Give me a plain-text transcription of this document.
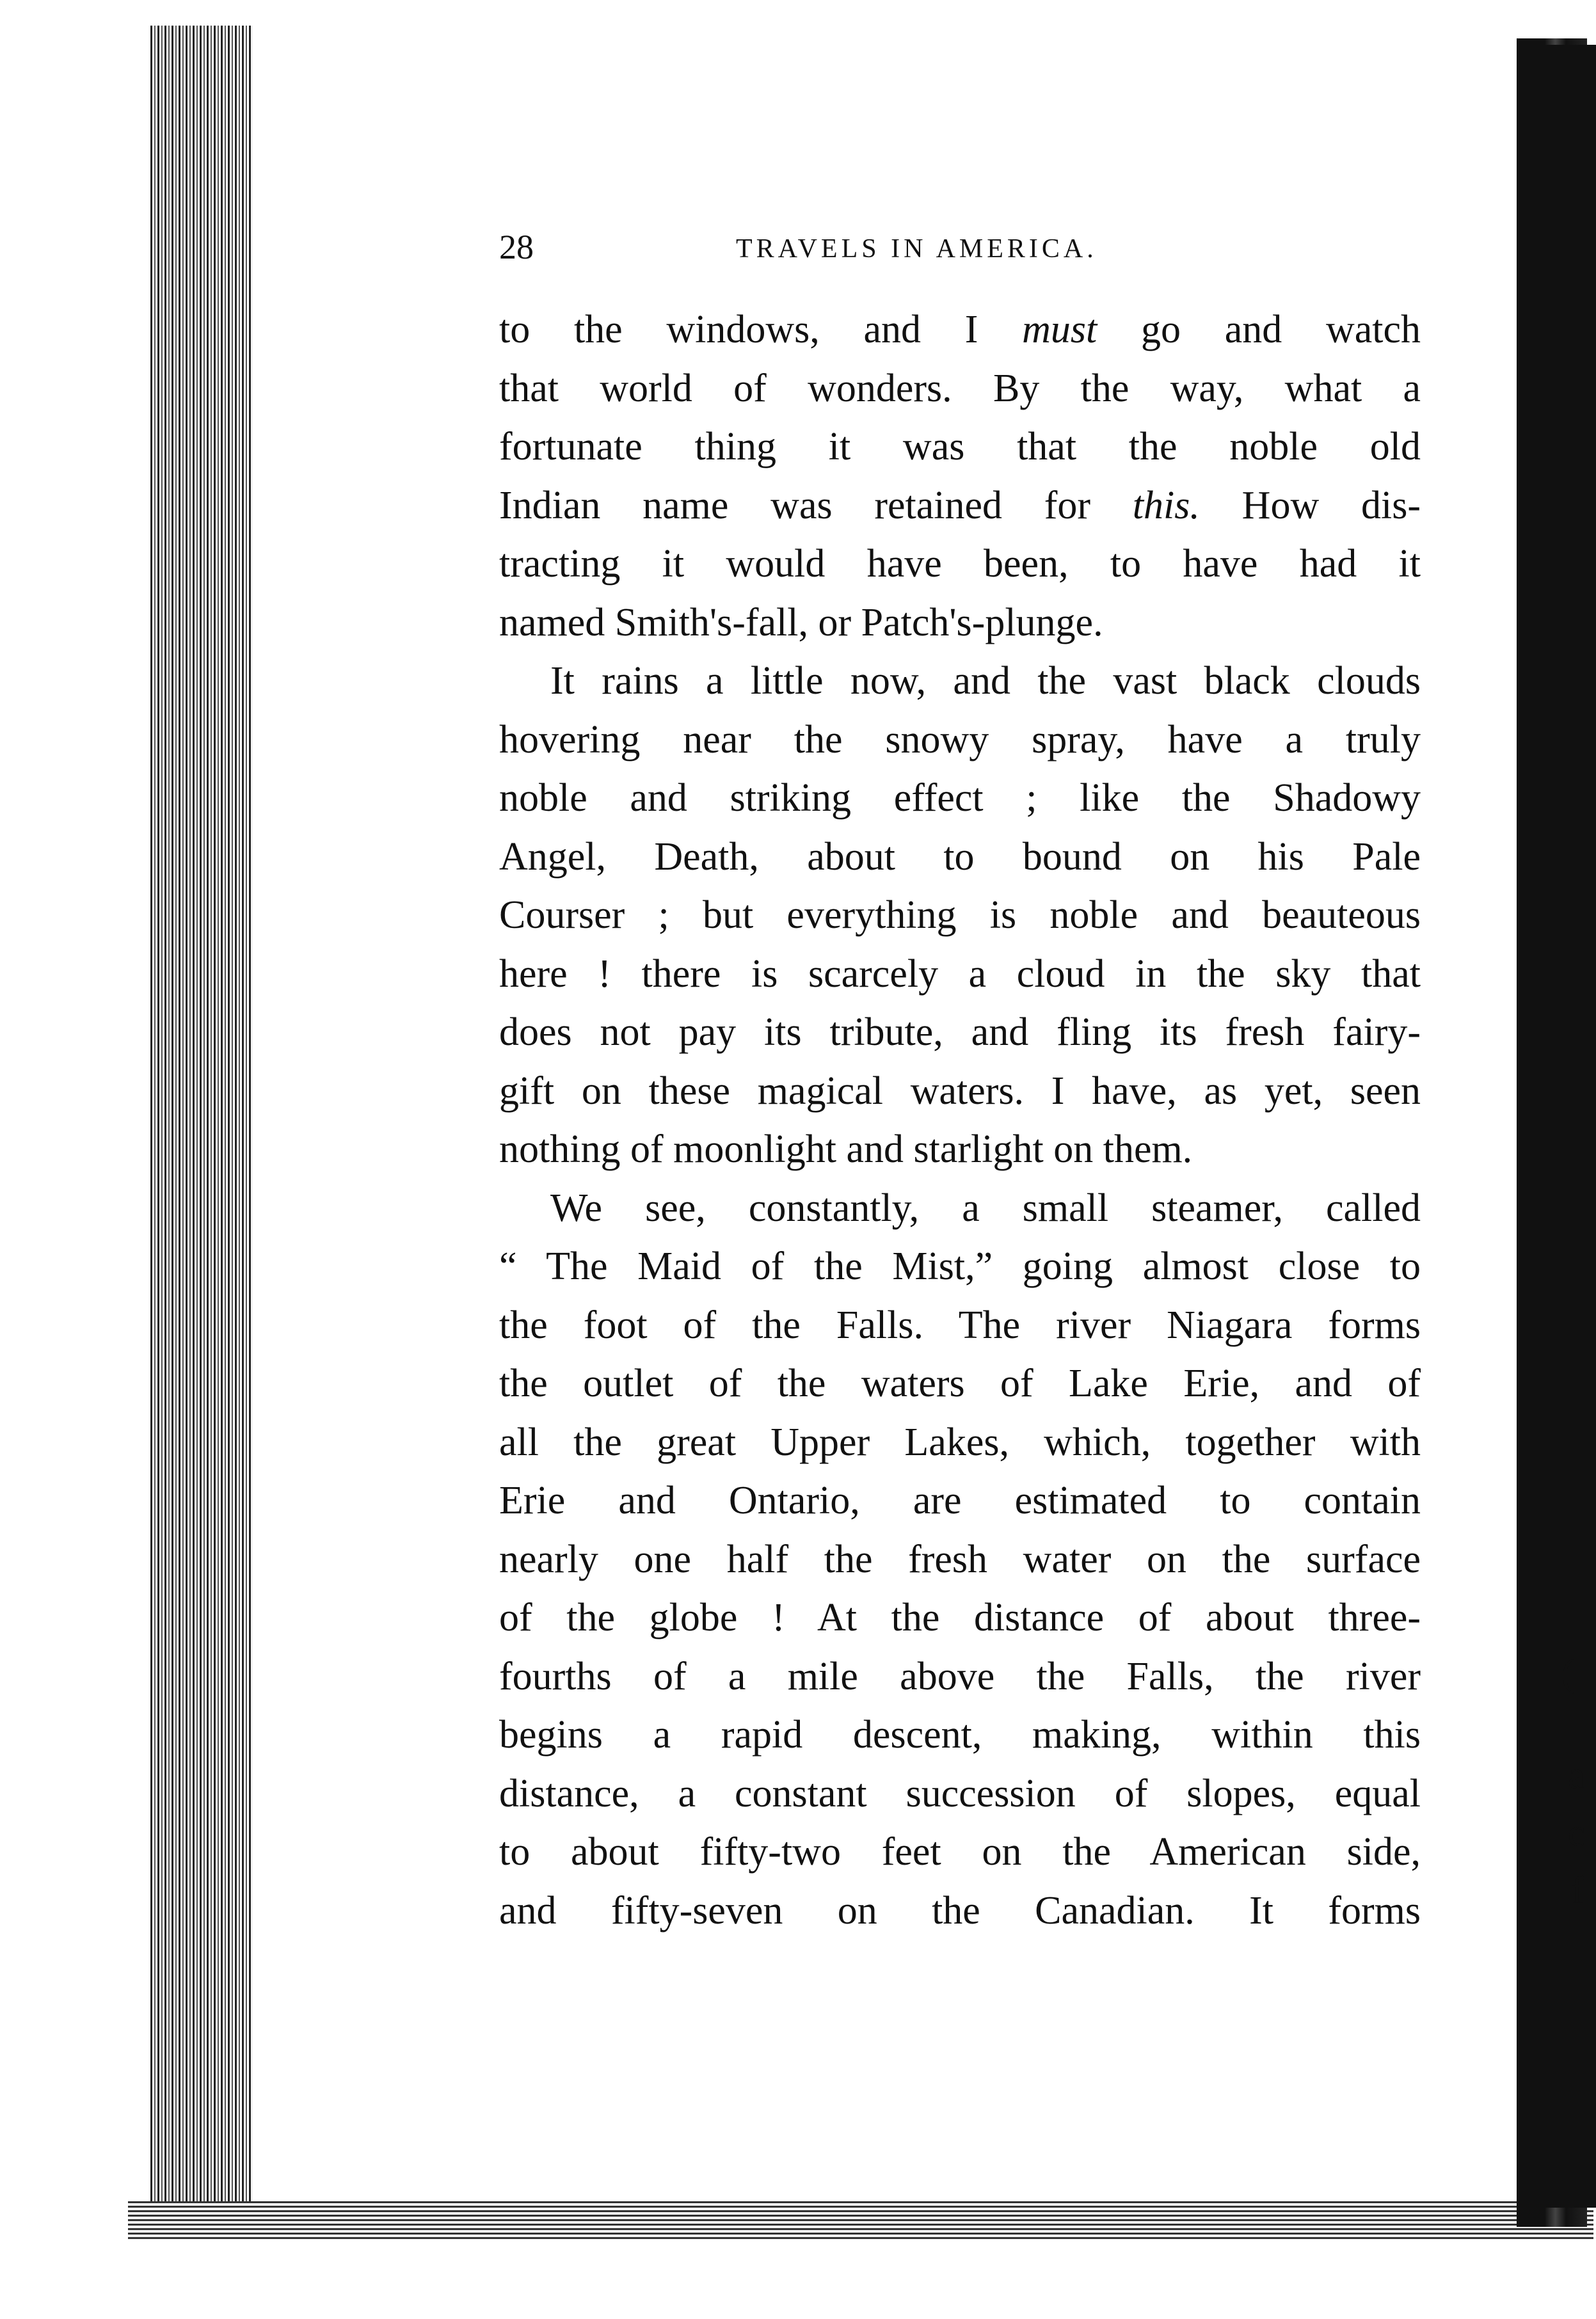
28	TRAVELS IN AMERICA.
to the windows, and I must go and watch
that world of wonders. By the way, what a
fortunate thing it was that the noble old
Indian name was retained for this. How dis-
tracting it would have been, to have had it
named Smith's-fall, or Patch's-plunge.
It rains a little now, and the vast black clouds
hovering near the snowy spray, have a truly
noble and striking effect ; like the Shadowy
Angel, Death, about to bound on his Pale
Courser ; but everything is noble and beauteous
here ! there is scarcely a cloud in the sky that
does not pay its tribute, and fling its fresh fairy-
gift on these magical waters. I have, as yet, seen
nothing of moonlight and starlight on them.
We see, constantly, a small steamer, called
“ The Maid of the Mist,” going almost close to
the foot of the Falls. The river Niagara forms
the outlet of the waters of Lake Erie, and of
all the great Upper Lakes, which, together with
Erie and Ontario, are estimated to contain
nearly one half the fresh water on the surface
of the globe ! At the distance of about three-
fourths of a mile above the Falls, the river
begins a rapid descent, making, within this
distance, a constant succession of slopes, equal
to about fifty-two feet on the American side,
and fifty-seven on the Canadian. It forms
(
a
c
f
